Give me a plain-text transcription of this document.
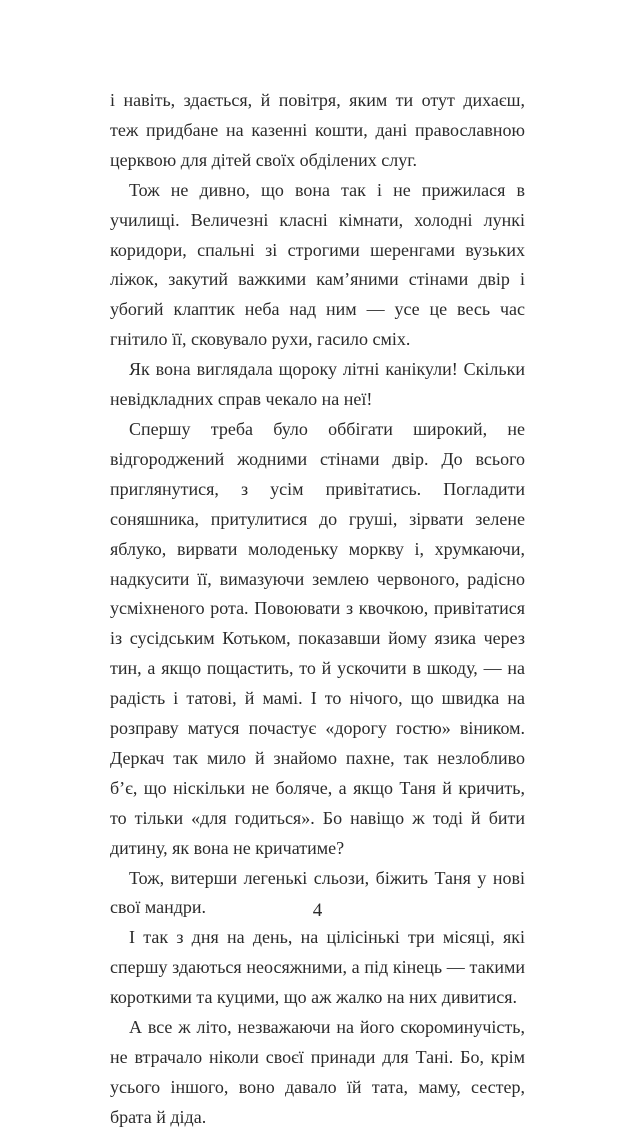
і навіть, здається, й повітря, яким ти отут дихаєш, теж придбане на казенні кошти, дані православною церквою для дітей своїх обділених слуг.

Тож не дивно, що вона так і не прижилася в училищі. Величезні класні кімнати, холодні лункі коридори, спальні зі строгими шеренгами вузьких ліжок, закутий важкими кам’яними стінами двір і убогий клаптик неба над ним — усе це весь час гнітило її, сковувало рухи, гасило сміх.

Як вона виглядала щороку літні канікули! Скільки невідкладних справ чекало на неї!

Спершу треба було оббігати широкий, не відгороджений жодними стінами двір. До всього приглянутися, з усім привітатись. Погладити соняшника, притулитися до груші, зірвати зелене яблуко, вирвати молоденьку моркву і, хрумкаючи, надкусити її, вимазуючи землею червоного, радісно усміхненого рота. Повоювати з квочкою, привітатися із сусідським Котьком, показавши йому язика через тин, а якщо пощастить, то й ускочити в шкоду, — на радість і татові, й мамі. І то нічого, що швидка на розправу матуся почастує «дорогу гостю» віником. Деркач так мило й знайомо пахне, так незлобливо б’є, що ніскільки не боляче, а якщо Таня й кричить, то тільки «для годиться». Бо навіщо ж тоді й бити дитину, як вона не кричатиме?

Тож, витерши легенькі сльози, біжить Таня у нові свої мандри.

І так з дня на день, на цілісінькі три місяці, які спершу здаються неосяжними, а під кінець — такими короткими та куцими, що аж жалко на них дивитися.

А все ж літо, незважаючи на його скороминучість, не втрачало ніколи своєї принади для Тані. Бо, крім усього іншого, воно давало їй тата, маму, сестер, брата й діда.

4
